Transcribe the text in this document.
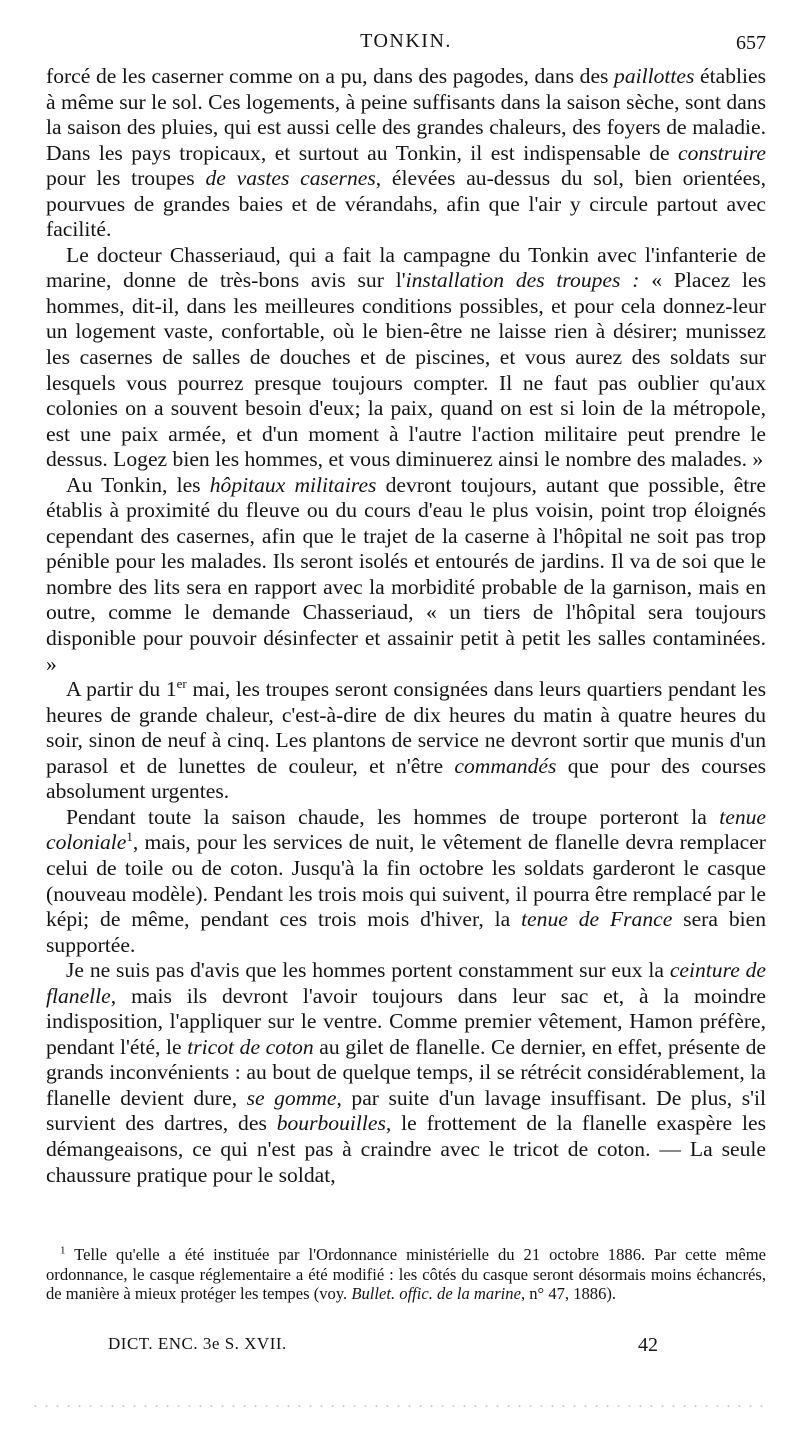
TONKIN.	657

forcé de les caserner comme on a pu, dans des pagodes, dans des paillottes établies à même sur le sol. Ces logements, à peine suffisants dans la saison sèche, sont dans la saison des pluies, qui est aussi celle des grandes chaleurs, des foyers de maladie. Dans les pays tropicaux, et surtout au Tonkin, il est indispensable de construire pour les troupes de vastes casernes, élevées au-dessus du sol, bien orientées, pourvues de grandes baies et de vérandahs, afin que l'air y circule partout avec facilité.

Le docteur Chasseriaud, qui a fait la campagne du Tonkin avec l'infanterie de marine, donne de très-bons avis sur l'installation des troupes : « Placez les hommes, dit-il, dans les meilleures conditions possibles, et pour cela donnez-leur un logement vaste, confortable, où le bien-être ne laisse rien à désirer; munissez les casernes de salles de douches et de piscines, et vous aurez des soldats sur lesquels vous pourrez presque toujours compter. Il ne faut pas oublier qu'aux colonies on a souvent besoin d'eux; la paix, quand on est si loin de la métropole, est une paix armée, et d'un moment à l'autre l'action militaire peut prendre le dessus. Logez bien les hommes, et vous diminuerez ainsi le nombre des malades. »

Au Tonkin, les hôpitaux militaires devront toujours, autant que possible, être établis à proximité du fleuve ou du cours d'eau le plus voisin, point trop éloignés cependant des casernes, afin que le trajet de la caserne à l'hôpital ne soit pas trop pénible pour les malades. Ils seront isolés et entourés de jardins. Il va de soi que le nombre des lits sera en rapport avec la morbidité probable de la garnison, mais en outre, comme le demande Chasseriaud, « un tiers de l'hôpital sera toujours disponible pour pouvoir désinfecter et assainir petit à petit les salles contaminées. »

A partir du 1er mai, les troupes seront consignées dans leurs quartiers pendant les heures de grande chaleur, c'est-à-dire de dix heures du matin à quatre heures du soir, sinon de neuf à cinq. Les plantons de service ne devront sortir que munis d'un parasol et de lunettes de couleur, et n'être commandés que pour des courses absolument urgentes.

Pendant toute la saison chaude, les hommes de troupe porteront la tenue coloniale$^1$, mais, pour les services de nuit, le vêtement de flanelle devra remplacer celui de toile ou de coton. Jusqu'à la fin octobre les soldats garderont le casque (nouveau modèle). Pendant les trois mois qui suivent, il pourra être remplacé par le képi; de même, pendant ces trois mois d'hiver, la tenue de France sera bien supportée.

Je ne suis pas d'avis que les hommes portent constamment sur eux la ceinture de flanelle, mais ils devront l'avoir toujours dans leur sac et, à la moindre indisposition, l'appliquer sur le ventre. Comme premier vêtement, Hamon préfère, pendant l'été, le tricot de coton au gilet de flanelle. Ce dernier, en effet, présente de grands inconvénients : au bout de quelque temps, il se rétrécit considérablement, la flanelle devient dure, se gomme, par suite d'un lavage insuffisant. De plus, s'il survient des dartres, des bourbouilles, le frottement de la flanelle exaspère les démangeaisons, ce qui n'est pas à craindre avec le tricot de coton. — La seule chaussure pratique pour le soldat,

$^1$ Telle qu'elle a été instituée par l'Ordonnance ministérielle du 21 octobre 1886. Par cette même ordonnance, le casque réglementaire a été modifié : les côtés du casque seront désormais moins échancrés, de manière à mieux protéger les tempes (voy. Bullet. offic. de la marine, n° 47, 1886).

DICT. ENC. 3e S. XVII.	42
